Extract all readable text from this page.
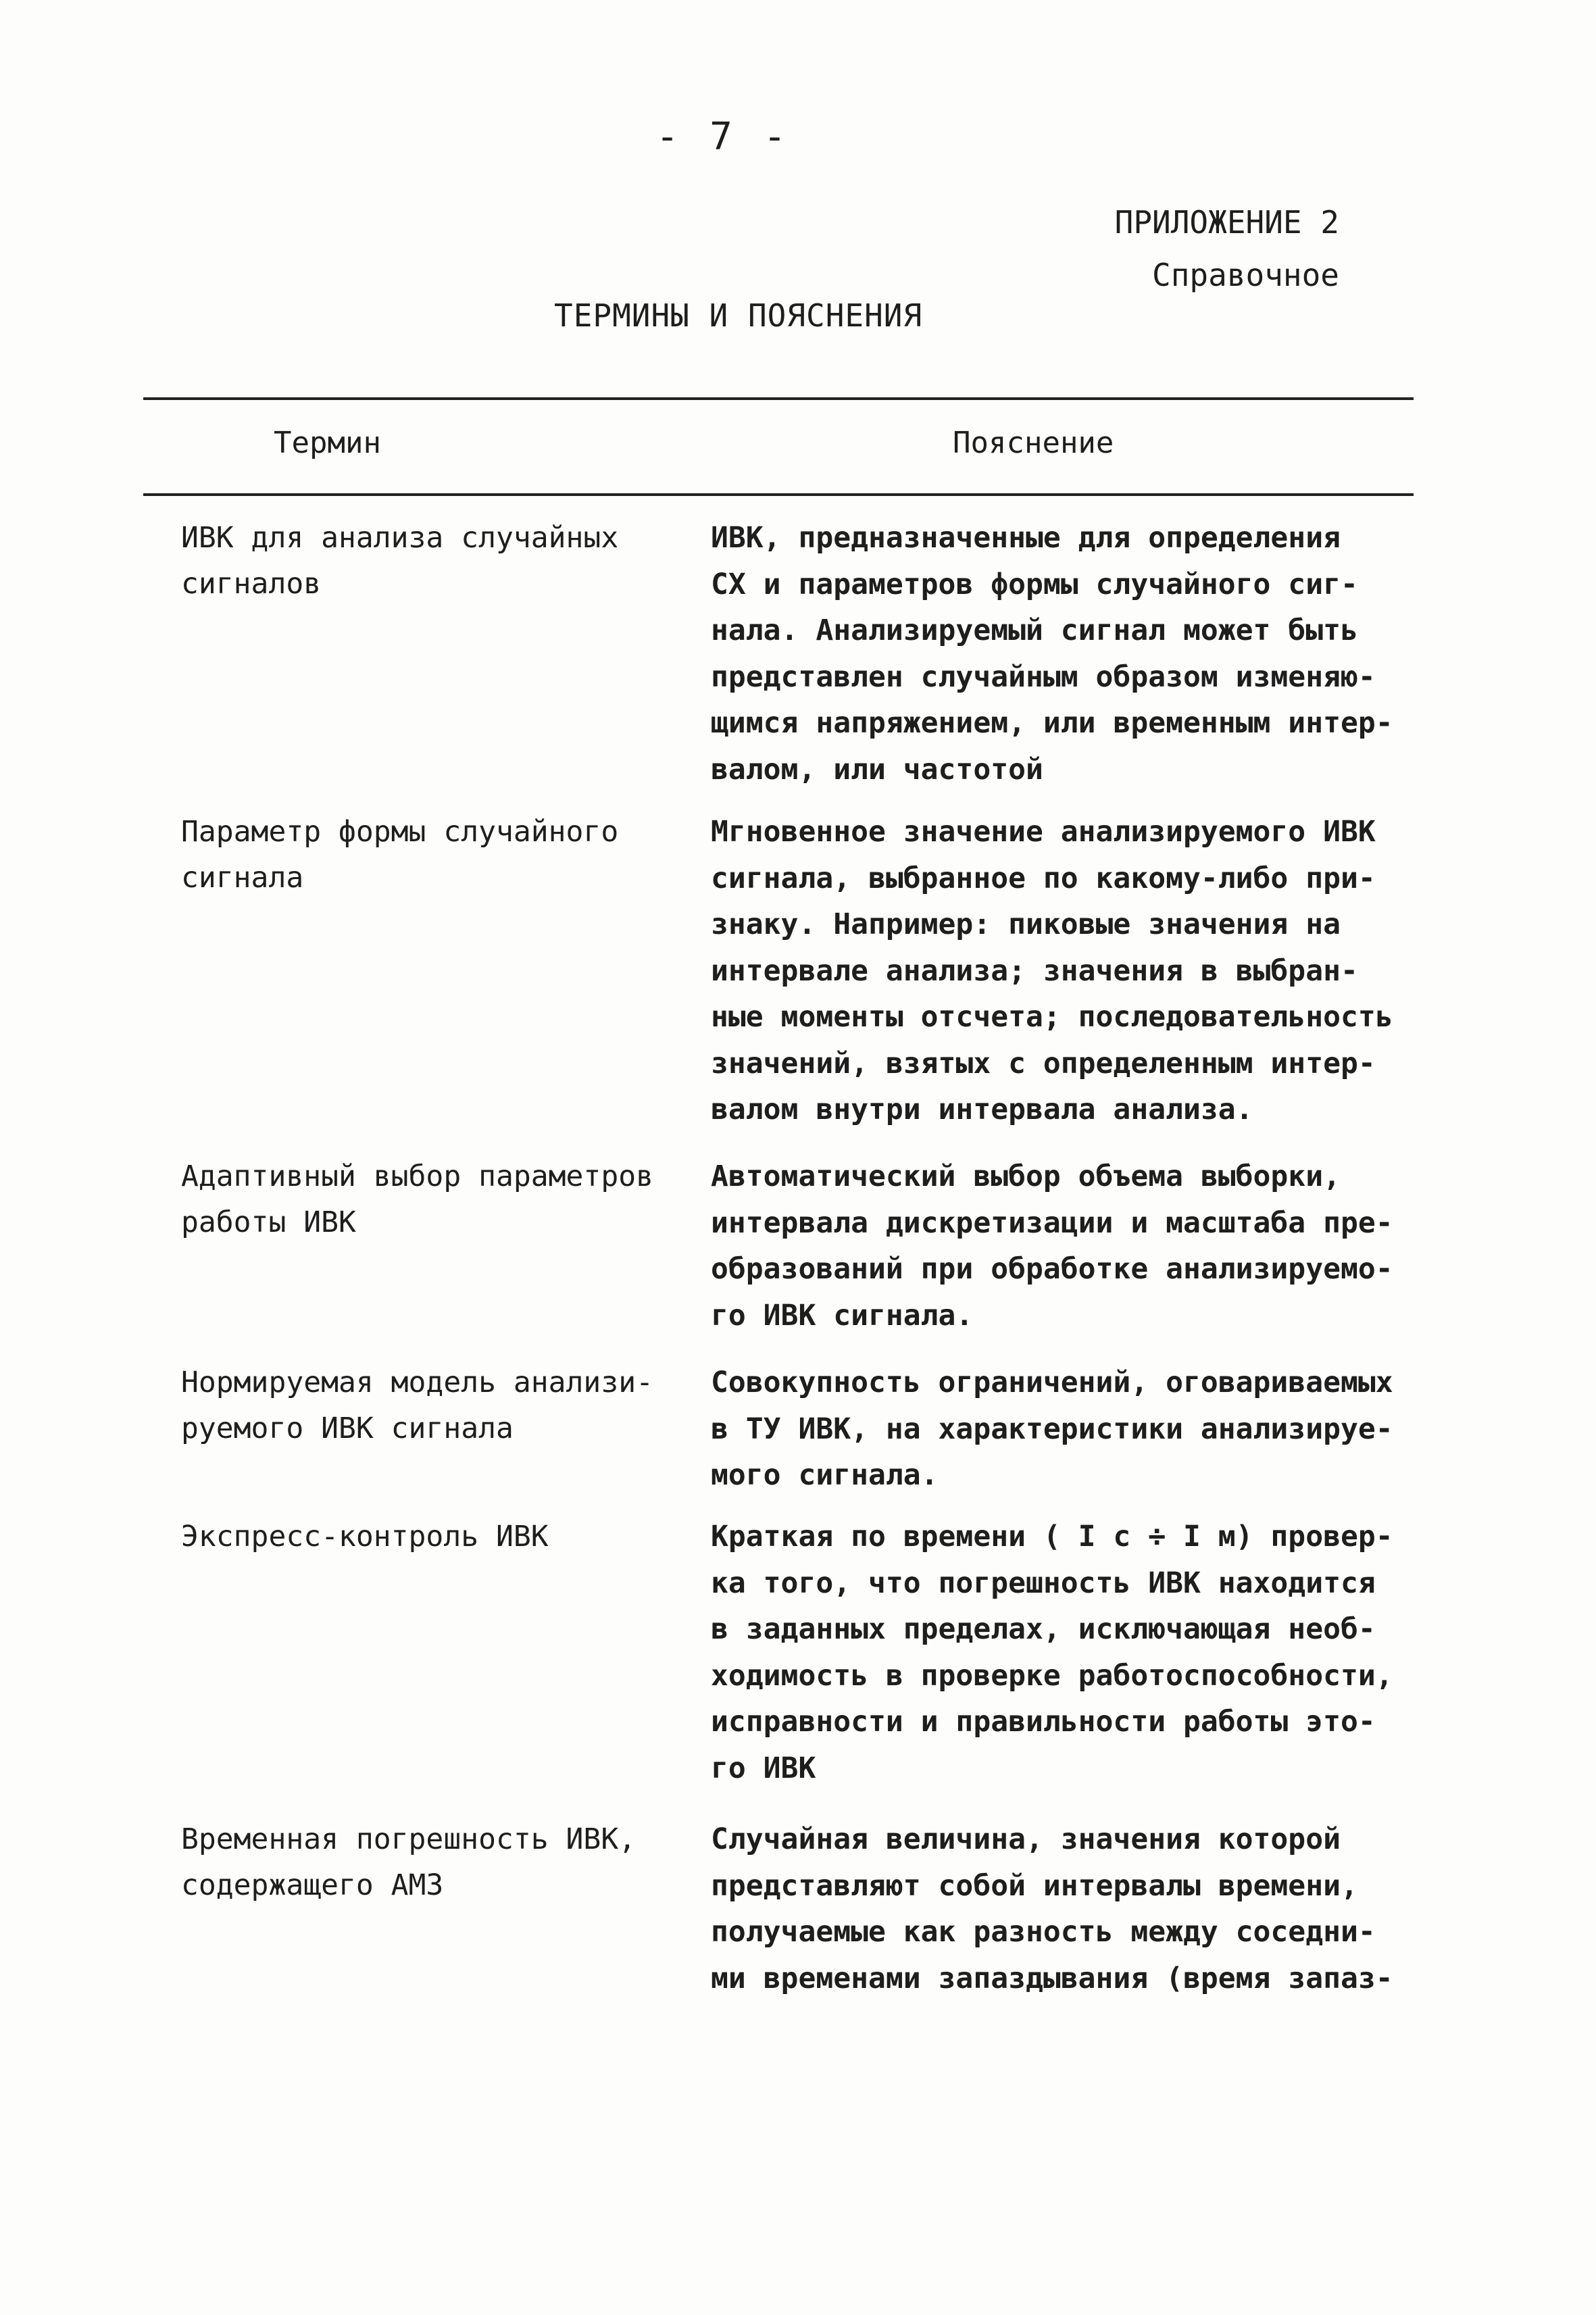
- 7 -
ПРИЛОЖЕНИЕ 2
Справочное
ТЕРМИНЫ И ПОЯСНЕНИЯ
Термин	Пояснение
ИВК для анализа случайных
сигналов
ИВК, предназначенные для определения
СХ и параметров формы случайного сиг-
нала. Анализируемый сигнал может быть
представлен случайным образом изменяю-
щимся напряжением, или временным интер-
валом, или частотой
Параметр формы случайного
сигнала
Мгновенное значение анализируемого ИВК
сигнала, выбранное по какому-либо при-
знаку. Например: пиковые значения на
интервале анализа; значения в выбран-
ные моменты отсчета; последовательность
значений, взятых с определенным интер-
валом внутри интервала анализа.
Адаптивный выбор параметров
работы ИВК
Автоматический выбор объема выборки,
интервала дискретизации и масштаба пре-
образований при обработке анализируемо-
го ИВК сигнала.
Нормируемая модель анализи-
руемого ИВК сигнала
Совокупность ограничений, оговариваемых
в ТУ ИВК, на характеристики анализируе-
мого сигнала.
Экспресс-контроль ИВК	Краткая по времени ( I с ÷ I м) провер-
ка того, что погрешность ИВК находится
в заданных пределах, исключающая необ-
ходимость в проверке работоспособности,
исправности и правильности работы это-
го ИВК
Временная погрешность ИВК,
содержащего АМЗ
Случайная величина, значения которой
представляют собой интервалы времени,
получаемые как разность между соседни-
ми временами запаздывания (время запаз-
